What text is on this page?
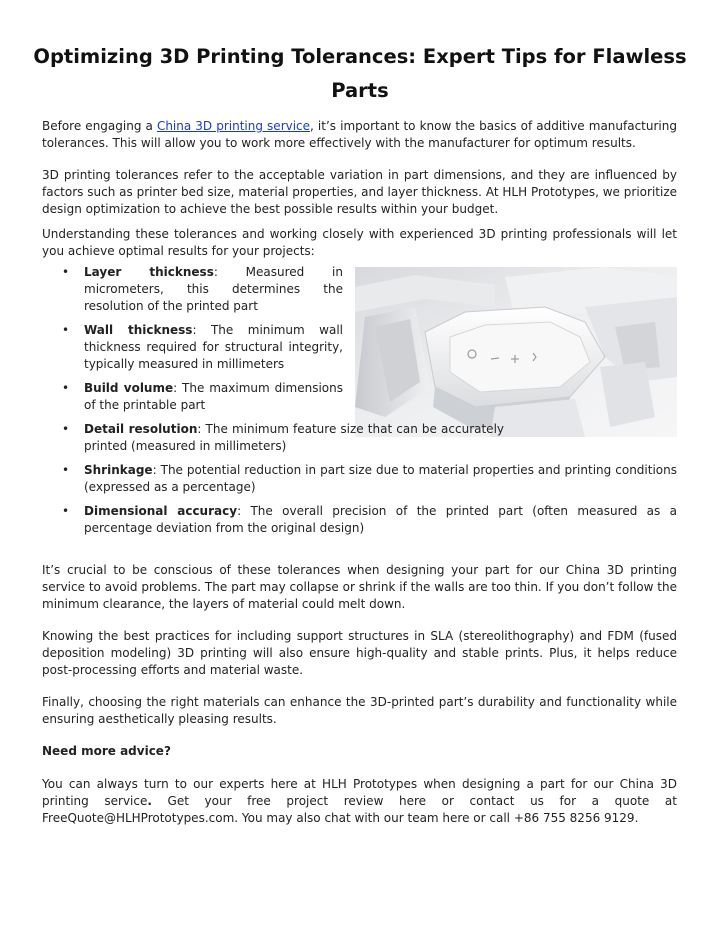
Optimizing 3D Printing Tolerances: Expert Tips for Flawless Parts

Before engaging a China 3D printing service, it’s important to know the basics of additive manufacturing tolerances. This will allow you to work more effectively with the manufacturer for optimum results.

3D printing tolerances refer to the acceptable variation in part dimensions, and they are influenced by factors such as printer bed size, material properties, and layer thickness. At HLH Prototypes, we prioritize design optimization to achieve the best possible results within your budget.

Understanding these tolerances and working closely with experienced 3D printing professionals will let you achieve optimal results for your projects:

• Layer thickness: Measured in micrometers, this determines the resolution of the printed part
• Wall thickness: The minimum wall thickness required for structural integrity, typically measured in millimeters
• Build volume: The maximum dimensions of the printable part
• Detail resolution: The minimum feature size that can be accurately printed (measured in millimeters)
• Shrinkage: The potential reduction in part size due to material properties and printing conditions (expressed as a percentage)
• Dimensional accuracy: The overall precision of the printed part (often measured as a percentage deviation from the original design)

It’s crucial to be conscious of these tolerances when designing your part for our China 3D printing service to avoid problems. The part may collapse or shrink if the walls are too thin. If you don’t follow the minimum clearance, the layers of material could melt down.

Knowing the best practices for including support structures in SLA (stereolithography) and FDM (fused deposition modeling) 3D printing will also ensure high-quality and stable prints. Plus, it helps reduce post-processing efforts and material waste.

Finally, choosing the right materials can enhance the 3D-printed part’s durability and functionality while ensuring aesthetically pleasing results.

Need more advice?

You can always turn to our experts here at HLH Prototypes when designing a part for our China 3D printing service. Get your free project review here or contact us for a quote at FreeQuote@HLHPrototypes.com. You may also chat with our team here or call +86 755 8256 9129.
